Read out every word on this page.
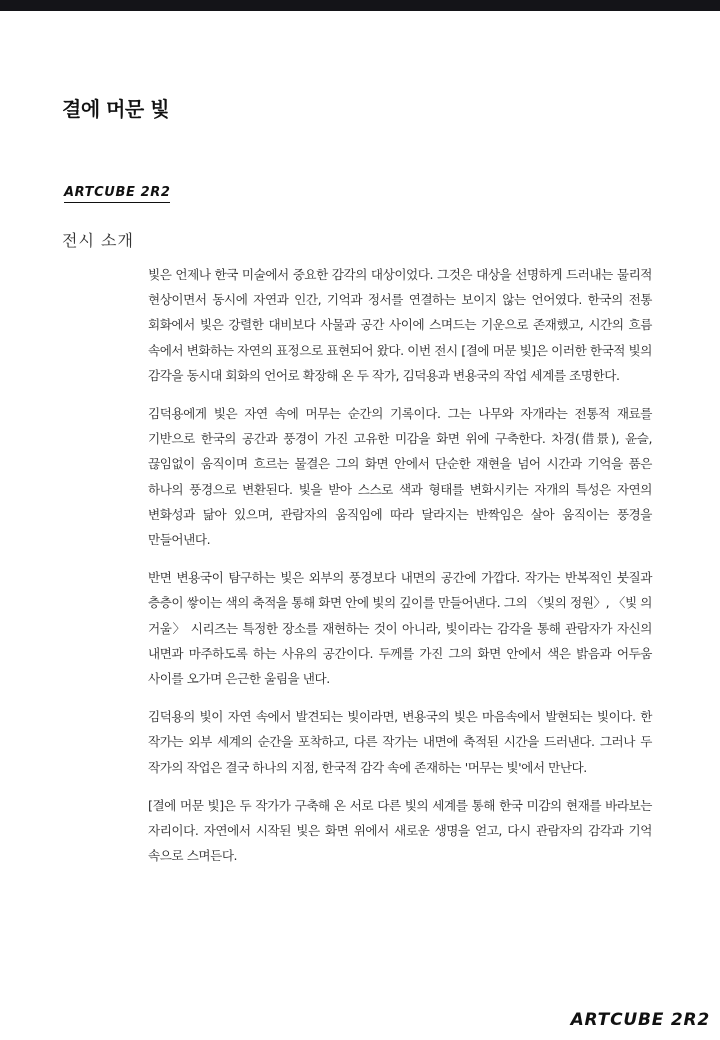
결에 머문 빛
ARTCUBE 2R2
전시 소개

빛은 언제나 한국 미술에서 중요한 감각의 대상이었다. 그것은 대상을 선명하게 드러내는 물리적 현상이면서 동시에 자연과 인간, 기억과 정서를 연결하는 보이지 않는 언어였다. 한국의 전통 회화에서 빛은 강렬한 대비보다 사물과 공간 사이에 스며드는 기운으로 존재했고, 시간의 흐름 속에서 변화하는 자연의 표정으로 표현되어 왔다. 이번 전시 [결에 머문 빛]은 이러한 한국적 빛의 감각을 동시대 회화의 언어로 확장해 온 두 작가, 김덕용과 변용국의 작업 세계를 조명한다.

김덕용에게 빛은 자연 속에 머무는 순간의 기록이다. 그는 나무와 자개라는 전통적 재료를 기반으로 한국의 공간과 풍경이 가진 고유한 미감을 화면 위에 구축한다. 차경(借景), 윤슬, 끊임없이 움직이며 흐르는 물결은 그의 화면 안에서 단순한 재현을 넘어 시간과 기억을 품은 하나의 풍경으로 변환된다. 빛을 받아 스스로 색과 형태를 변화시키는 자개의 특성은 자연의 변화성과 닮아 있으며, 관람자의 움직임에 따라 달라지는 반짝임은 살아 움직이는 풍경을 만들어낸다.

반면 변용국이 탐구하는 빛은 외부의 풍경보다 내면의 공간에 가깝다. 작가는 반복적인 붓질과 층층이 쌓이는 색의 축적을 통해 화면 안에 빛의 깊이를 만들어낸다. 그의 〈빛의 정원〉, 〈빛 의 거울〉 시리즈는 특정한 장소를 재현하는 것이 아니라, 빛이라는 감각을 통해 관람자가 자신의 내면과 마주하도록 하는 사유의 공간이다. 두께를 가진 그의 화면 안에서 색은 밝음과 어두움 사이를 오가며 은근한 울림을 낸다.

김덕용의 빛이 자연 속에서 발견되는 빛이라면, 변용국의 빛은 마음속에서 발현되는 빛이다. 한 작가는 외부 세계의 순간을 포착하고, 다른 작가는 내면에 축적된 시간을 드러낸다. 그러나 두 작가의 작업은 결국 하나의 지점, 한국적 감각 속에 존재하는 '머무는 빛'에서 만난다.

[결에 머문 빛]은 두 작가가 구축해 온 서로 다른 빛의 세계를 통해 한국 미감의 현재를 바라보는 자리이다. 자연에서 시작된 빛은 화면 위에서 새로운 생명을 얻고, 다시 관람자의 감각과 기억 속으로 스며든다.

ARTCUBE 2R2
